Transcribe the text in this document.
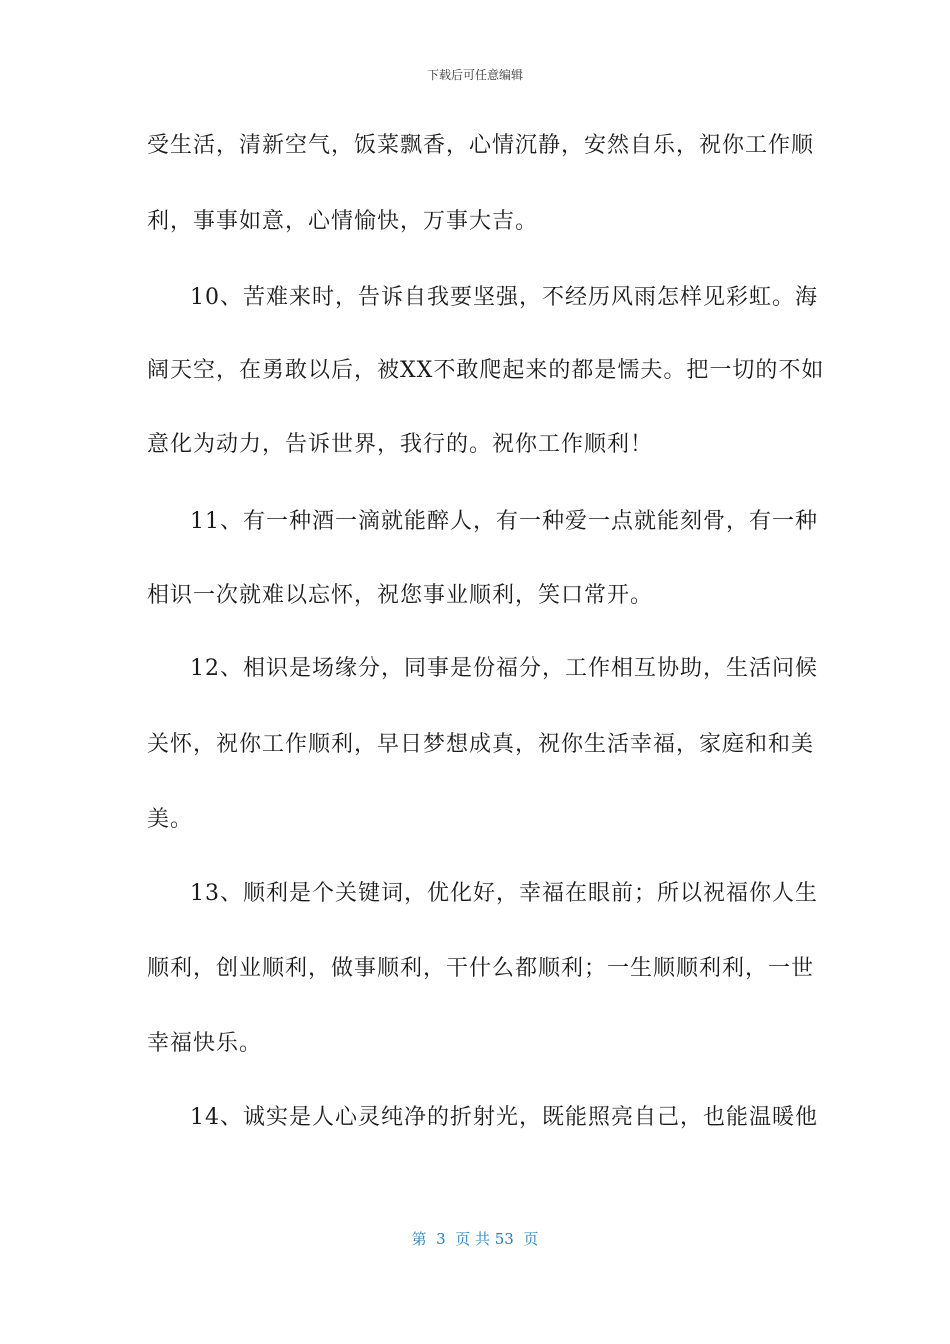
下载后可任意编辑
受生活，清新空气，饭菜飘香，心情沉静，安然自乐，祝你工作顺
利，事事如意，心情愉快，万事大吉。
10、苦难来时，告诉自我要坚强，不经历风雨怎样见彩虹。海
阔天空，在勇敢以后，被XX不敢爬起来的都是懦夫。把一切的不如
意化为动力，告诉世界，我行的。祝你工作顺利！
11、有一种酒一滴就能醉人，有一种爱一点就能刻骨，有一种
相识一次就难以忘怀，祝您事业顺利，笑口常开。
12、相识是场缘分，同事是份福分，工作相互协助，生活问候
关怀，祝你工作顺利，早日梦想成真，祝你生活幸福，家庭和和美
美。
13、顺利是个关键词，优化好，幸福在眼前；所以祝福你人生
顺利，创业顺利，做事顺利，干什么都顺利；一生顺顺利利，一世
幸福快乐。
14、诚实是人心灵纯净的折射光，既能照亮自己，也能温暖他
第  3  页 共 53  页
